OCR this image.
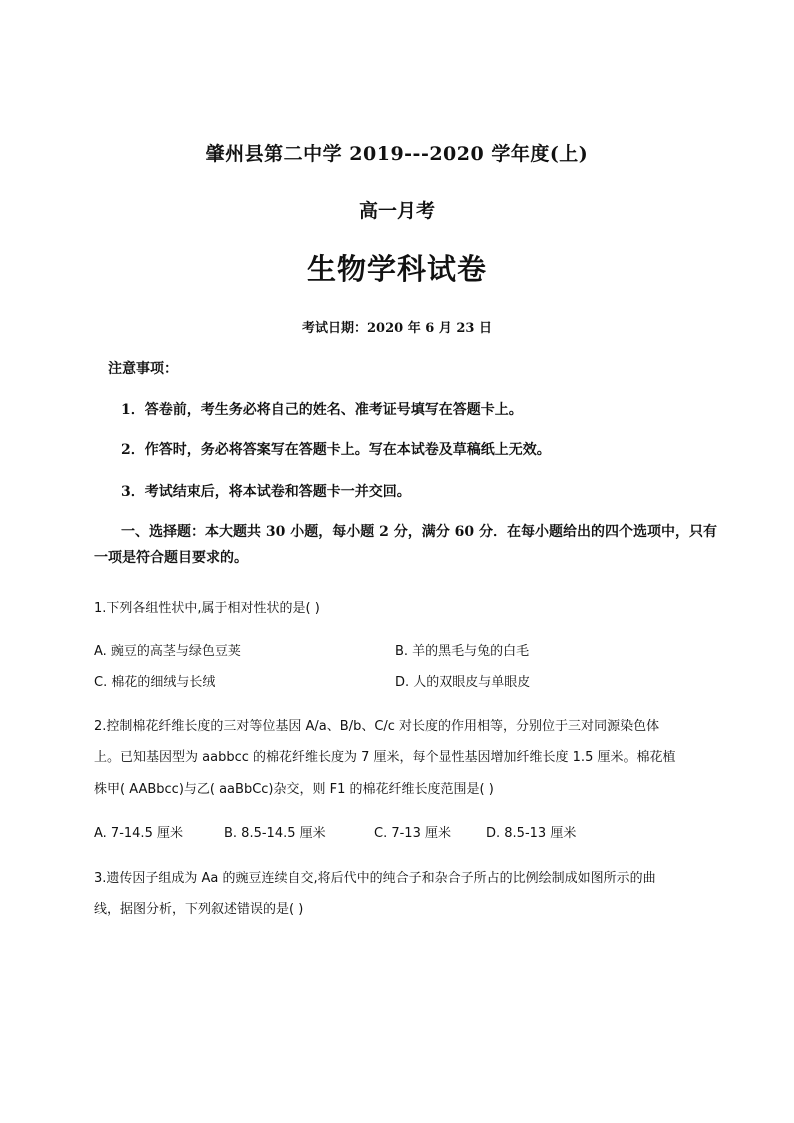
肇州县第二中学 2019---2020 学年度(上)
高一月考
生物学科试卷
考试日期：2020 年 6 月 23 日
注意事项：
1．答卷前，考生务必将自己的姓名、准考证号填写在答题卡上。
2．作答时，务必将答案写在答题卡上。写在本试卷及草稿纸上无效。
3．考试结束后，将本试卷和答题卡一并交回。
一、选择题：本大题共 30 小题，每小题 2 分，满分 60 分．在每小题给出的四个选项中，只有
一项是符合题目要求的。
1.下列各组性状中,属于相对性状的是( )
A. 豌豆的高茎与绿色豆荚	B. 羊的黑毛与兔的白毛
C. 棉花的细绒与长绒	D. 人的双眼皮与单眼皮
2.控制棉花纤维长度的三对等位基因 A/a、B/b、C/c 对长度的作用相等，分别位于三对同源染色体
上。已知基因型为 aabbcc 的棉花纤维长度为 7 厘米，每个显性基因增加纤维长度 1.5 厘米。棉花植
株甲( AABbcc)与乙( aaBbCc)杂交，则 F1 的棉花纤维长度范围是( )
A. 7-14.5 厘米	B. 8.5-14.5 厘米	C. 7-13 厘米	D. 8.5-13 厘米
3.遗传因子组成为 Aa 的豌豆连续自交,将后代中的纯合子和杂合子所占的比例绘制成如图所示的曲
线，据图分析，下列叙述错误的是( )
